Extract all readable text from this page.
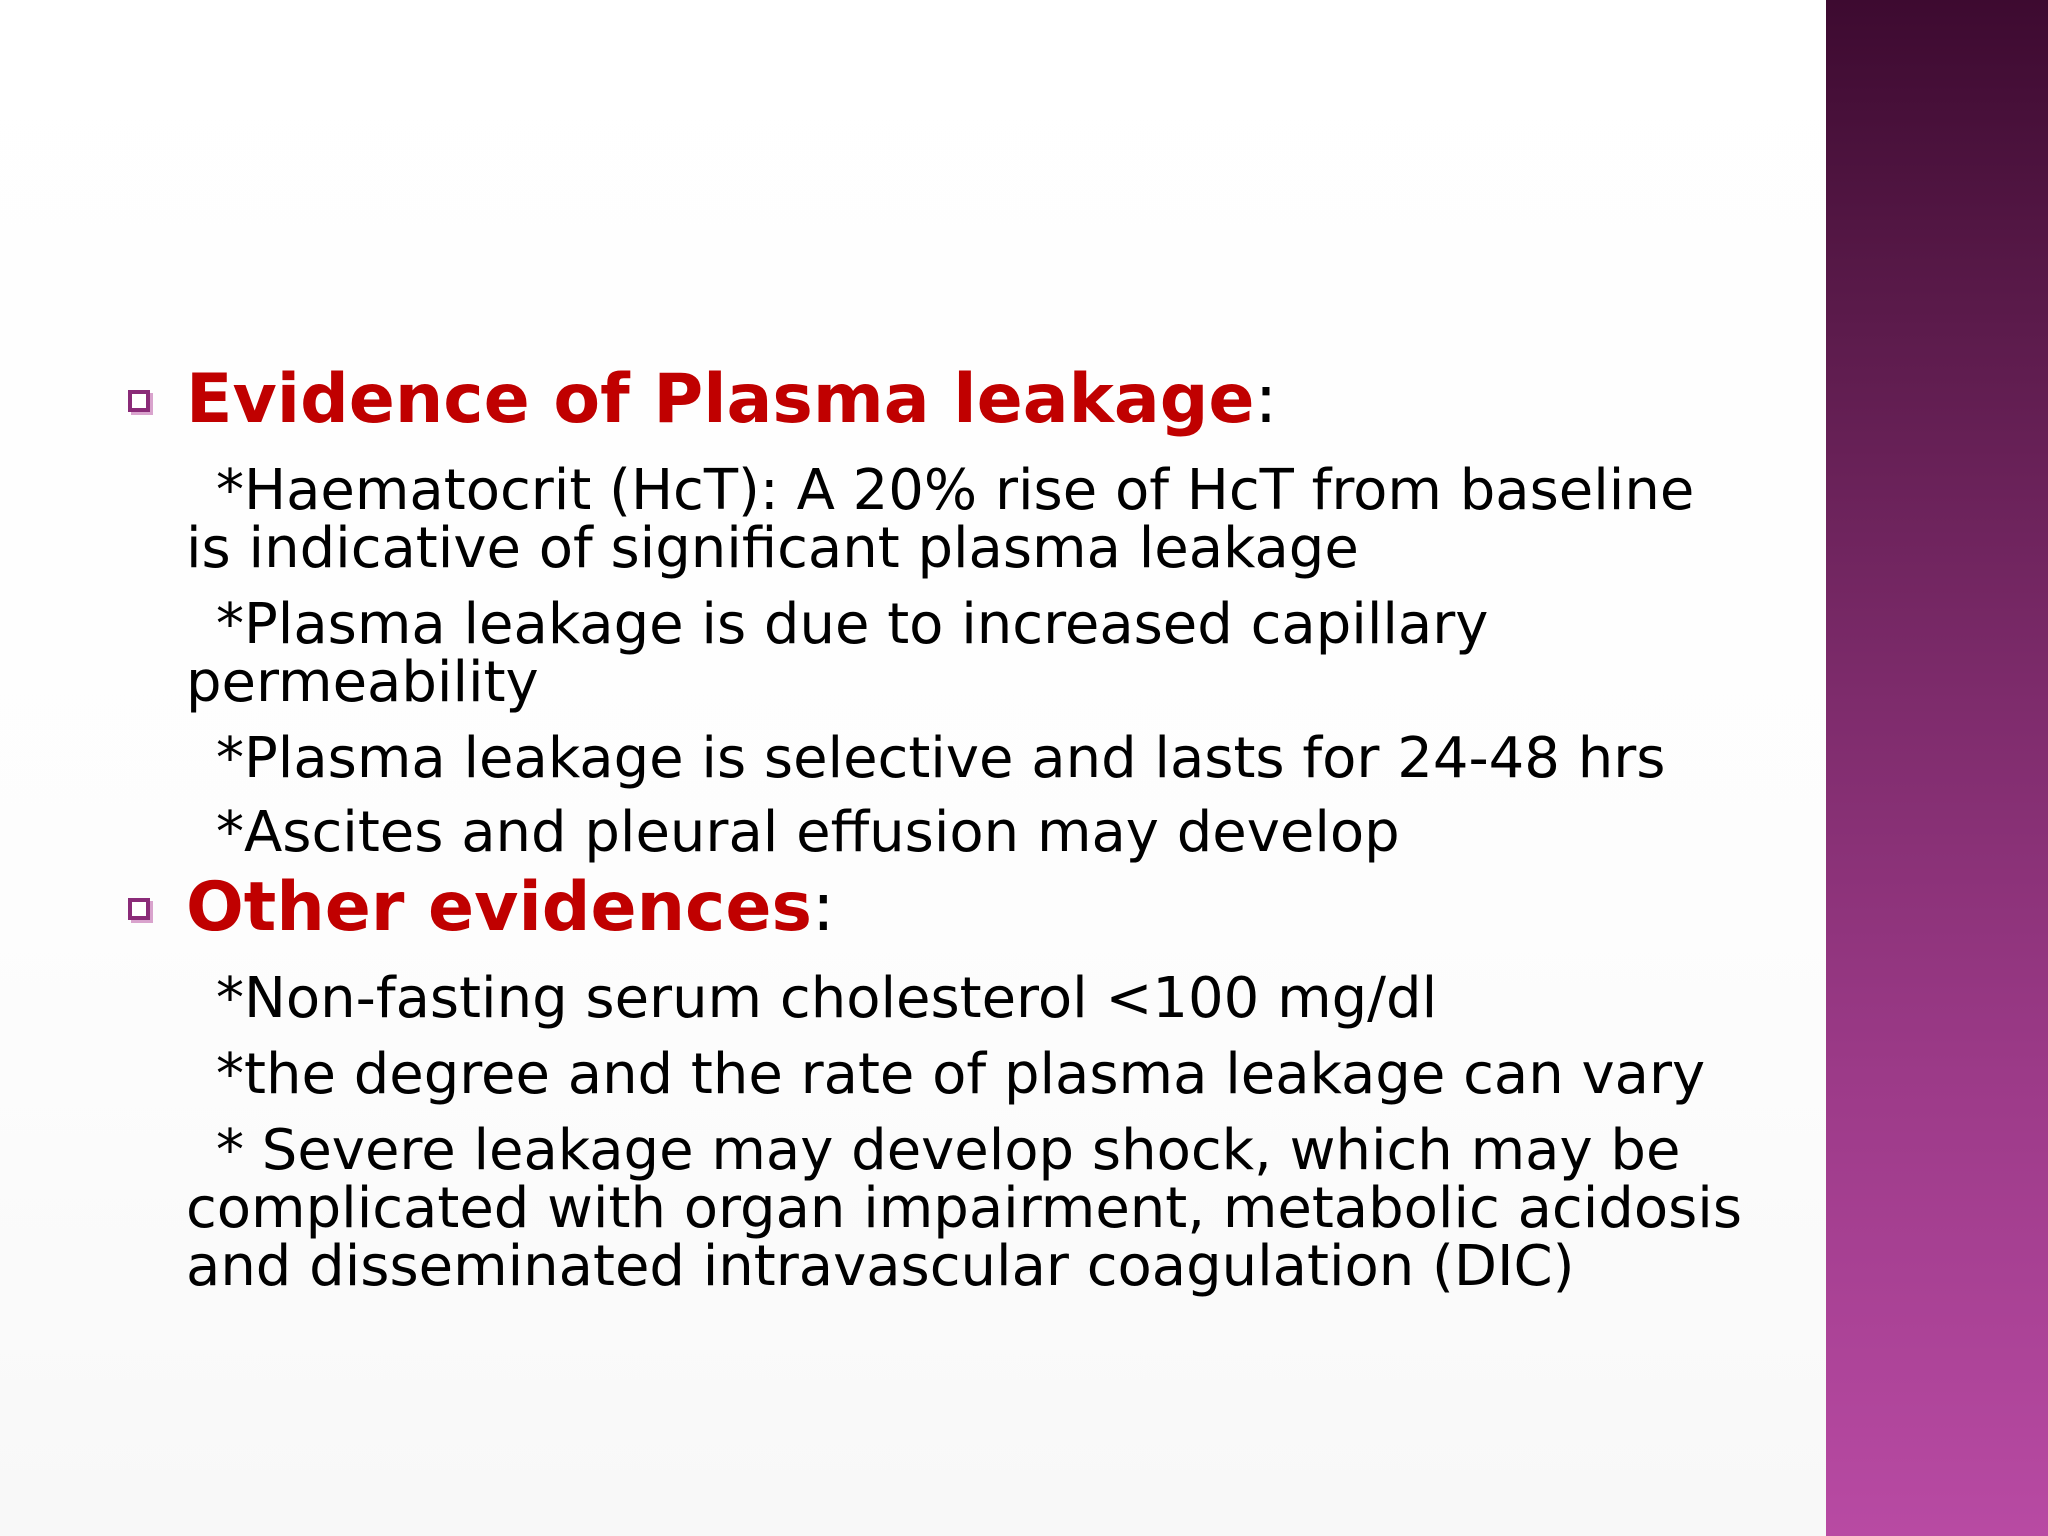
Evidence of Plasma leakage:
*Haematocrit (HcT): A 20% rise of HcT from baseline is indicative of significant plasma leakage
*Plasma leakage is due to increased capillary permeability
*Plasma leakage is selective and lasts for 24-48 hrs
*Ascites and pleural effusion may develop
Other evidences:
*Non-fasting serum cholesterol <100 mg/dl
*the degree and the rate of plasma leakage can vary
* Severe leakage may develop shock, which may be complicated with organ impairment, metabolic acidosis and disseminated intravascular coagulation (DIC)
